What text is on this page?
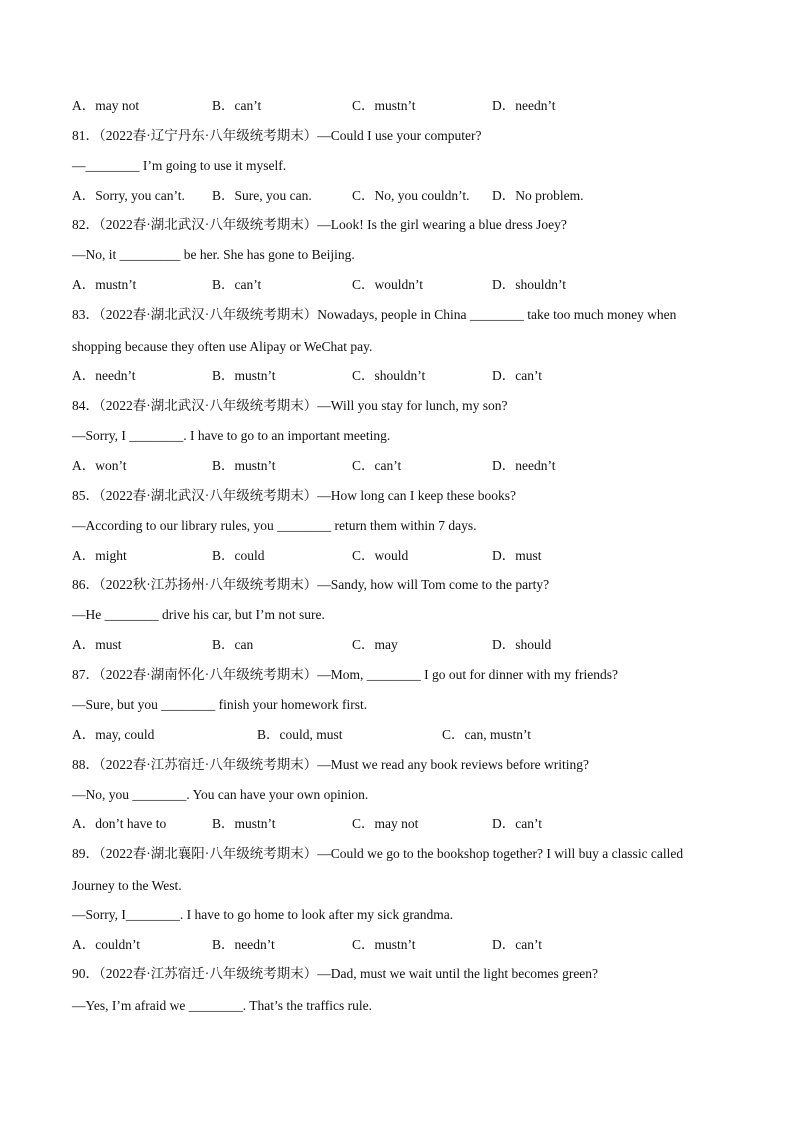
A．may not	B．can’t	C．mustn’t	D．needn’t
81．（2022春·辽宁丹东·八年级统考期末）—Could I use your computer?
—________ I’m going to use it myself.
A．Sorry, you can’t. B．Sure, you can.	C．No, you couldn’t. D．No problem.
82．（2022春·湖北武汉·八年级统考期末）—Look! Is the girl wearing a blue dress Joey?
—No, it _________ be her. She has gone to Beijing.
A．mustn’t	B．can’t	C．wouldn’t	D．shouldn’t
83．（2022春·湖北武汉·八年级统考期末）Nowadays, people in China ________ take too much money when
shopping because they often use Alipay or WeChat pay.
A．needn’t	B．mustn’t	C．shouldn’t	D．can’t
84．（2022春·湖北武汉·八年级统考期末）—Will you stay for lunch, my son?
—Sorry, I ________. I have to go to an important meeting.
A．won’t	B．mustn’t	C．can’t	D．needn’t
85．（2022春·湖北武汉·八年级统考期末）—How long can I keep these books?
—According to our library rules, you ________ return them within 7 days.
A．might	B．could	C．would	D．must
86．（2022秋·江苏扬州·八年级统考期末）—Sandy, how will Tom come to the party?
—He ________ drive his car, but I’m not sure.
A．must	B．can	C．may	D．should
87．（2022春·湖南怀化·八年级统考期末）—Mom, ________ I go out for dinner with my friends?
—Sure, but you ________ finish your homework first.
A．may, could	B．could, must	C．can, mustn’t
88．（2022春·江苏宿迁·八年级统考期末）—Must we read any book reviews before writing?
—No, you ________. You can have your own opinion.
A．don’t have to	B．mustn’t	C．may not	D．can’t
89．（2022春·湖北襄阳·八年级统考期末）—Could we go to the bookshop together? I will buy a classic called
Journey to the West.
—Sorry, I________. I have to go home to look after my sick grandma.
A．couldn’t	B．needn’t	C．mustn’t	D．can’t
90．（2022春·江苏宿迁·八年级统考期末）—Dad, must we wait until the light becomes green?
—Yes, I’m afraid we ________. That’s the traffics rule.
